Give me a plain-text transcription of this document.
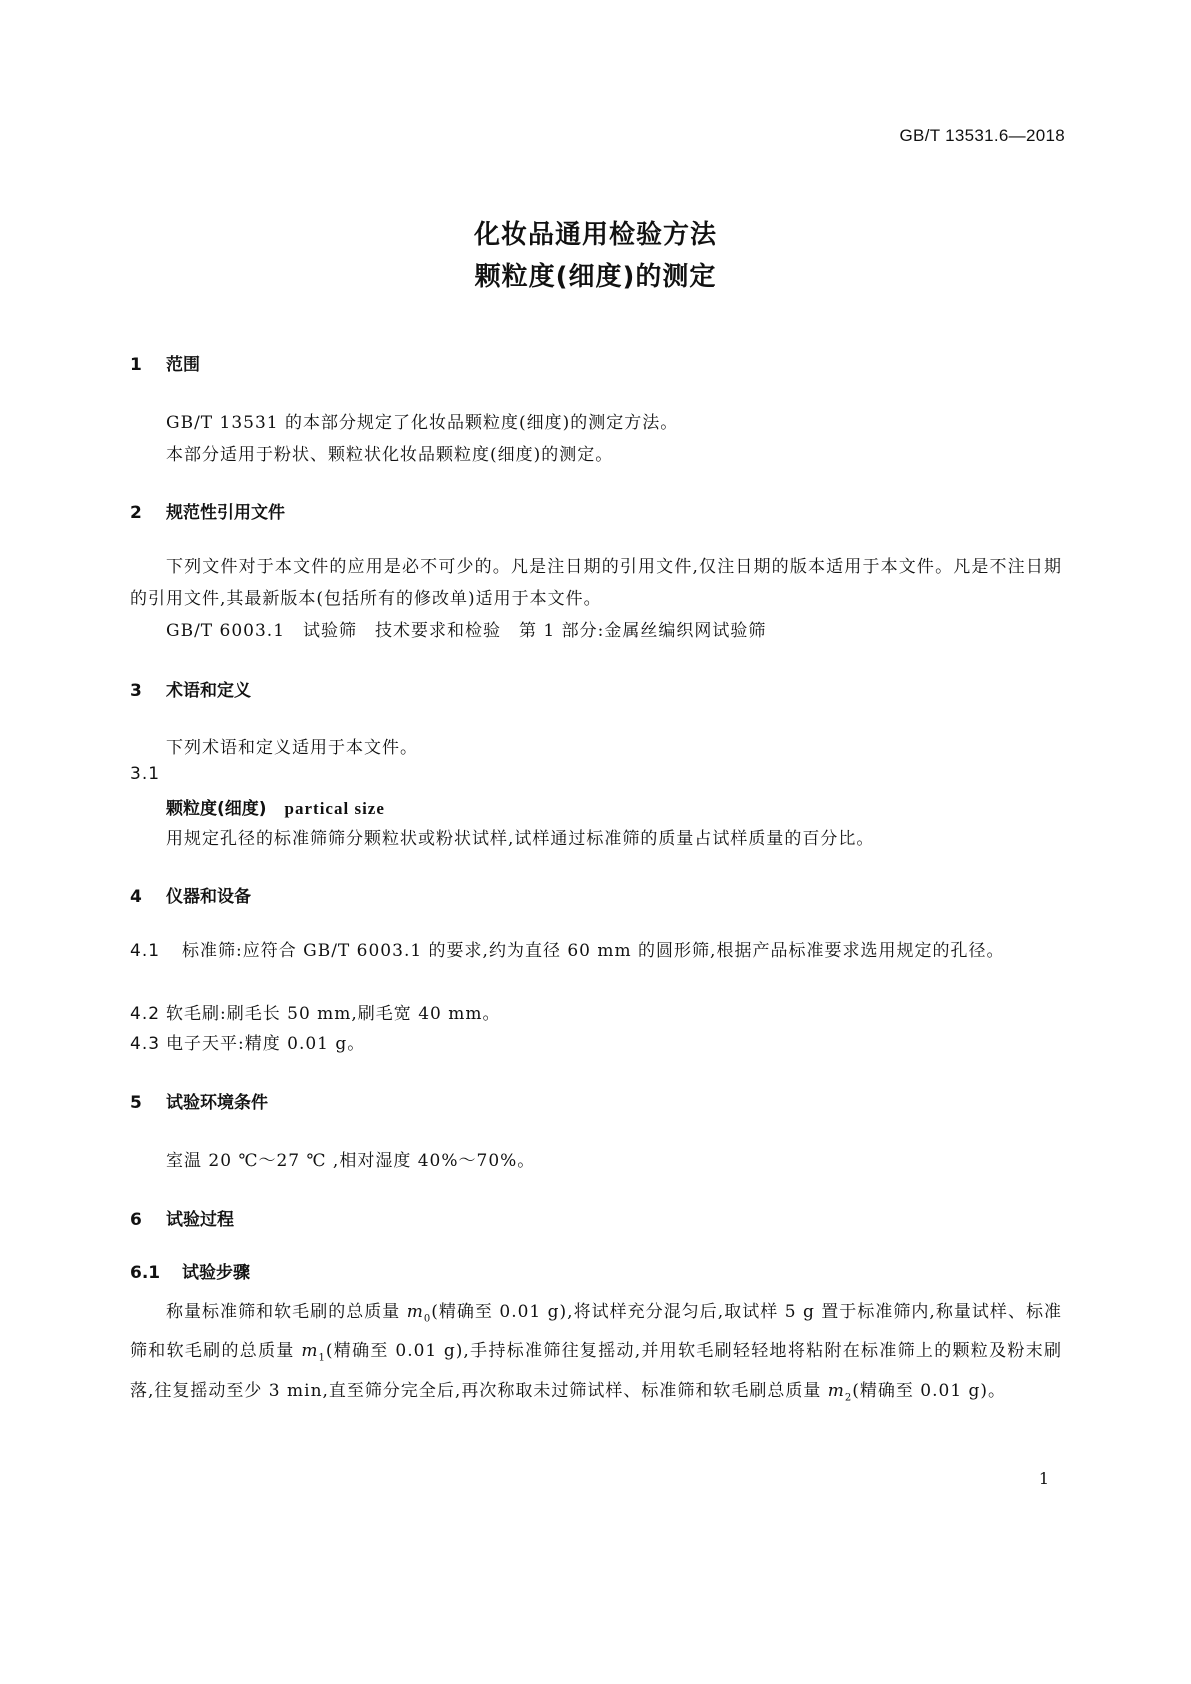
GB/T 13531.6—2018
化妆品通用检验方法
颗粒度(细度)的测定
1 范围
GB/T 13531 的本部分规定了化妆品颗粒度(细度)的测定方法。
本部分适用于粉状、颗粒状化妆品颗粒度(细度)的测定。
2 规范性引用文件
下列文件对于本文件的应用是必不可少的。凡是注日期的引用文件,仅注日期的版本适用于本文件。凡是不注日期的引用文件,其最新版本(包括所有的修改单)适用于本文件。
GB/T 6003.1　试验筛　技术要求和检验　第 1 部分:金属丝编织网试验筛
3 术语和定义
下列术语和定义适用于本文件。
3.1
颗粒度(细度) partical size
用规定孔径的标准筛筛分颗粒状或粉状试样,试样通过标准筛的质量占试样质量的百分比。
4 仪器和设备
4.1 标准筛:应符合 GB/T 6003.1 的要求,约为直径 60 mm 的圆形筛,根据产品标准要求选用规定的孔径。
4.2 软毛刷:刷毛长 50 mm,刷毛宽 40 mm。
4.3 电子天平:精度 0.01 g。
5 试验环境条件
室温 20 ℃～27 ℃ ,相对湿度 40%～70%。
6 试验过程
6.1 试验步骤
称量标准筛和软毛刷的总质量 $m_0$(精确至 0.01 g),将试样充分混匀后,取试样 5 g 置于标准筛内,称量试样、标准筛和软毛刷的总质量 $m_1$(精确至 0.01 g),手持标准筛往复摇动,并用软毛刷轻轻地将粘附在标准筛上的颗粒及粉末刷落,往复摇动至少 3 min,直至筛分完全后,再次称取未过筛试样、标准筛和软毛刷总质量 $m_2$(精确至 0.01 g)。
1
